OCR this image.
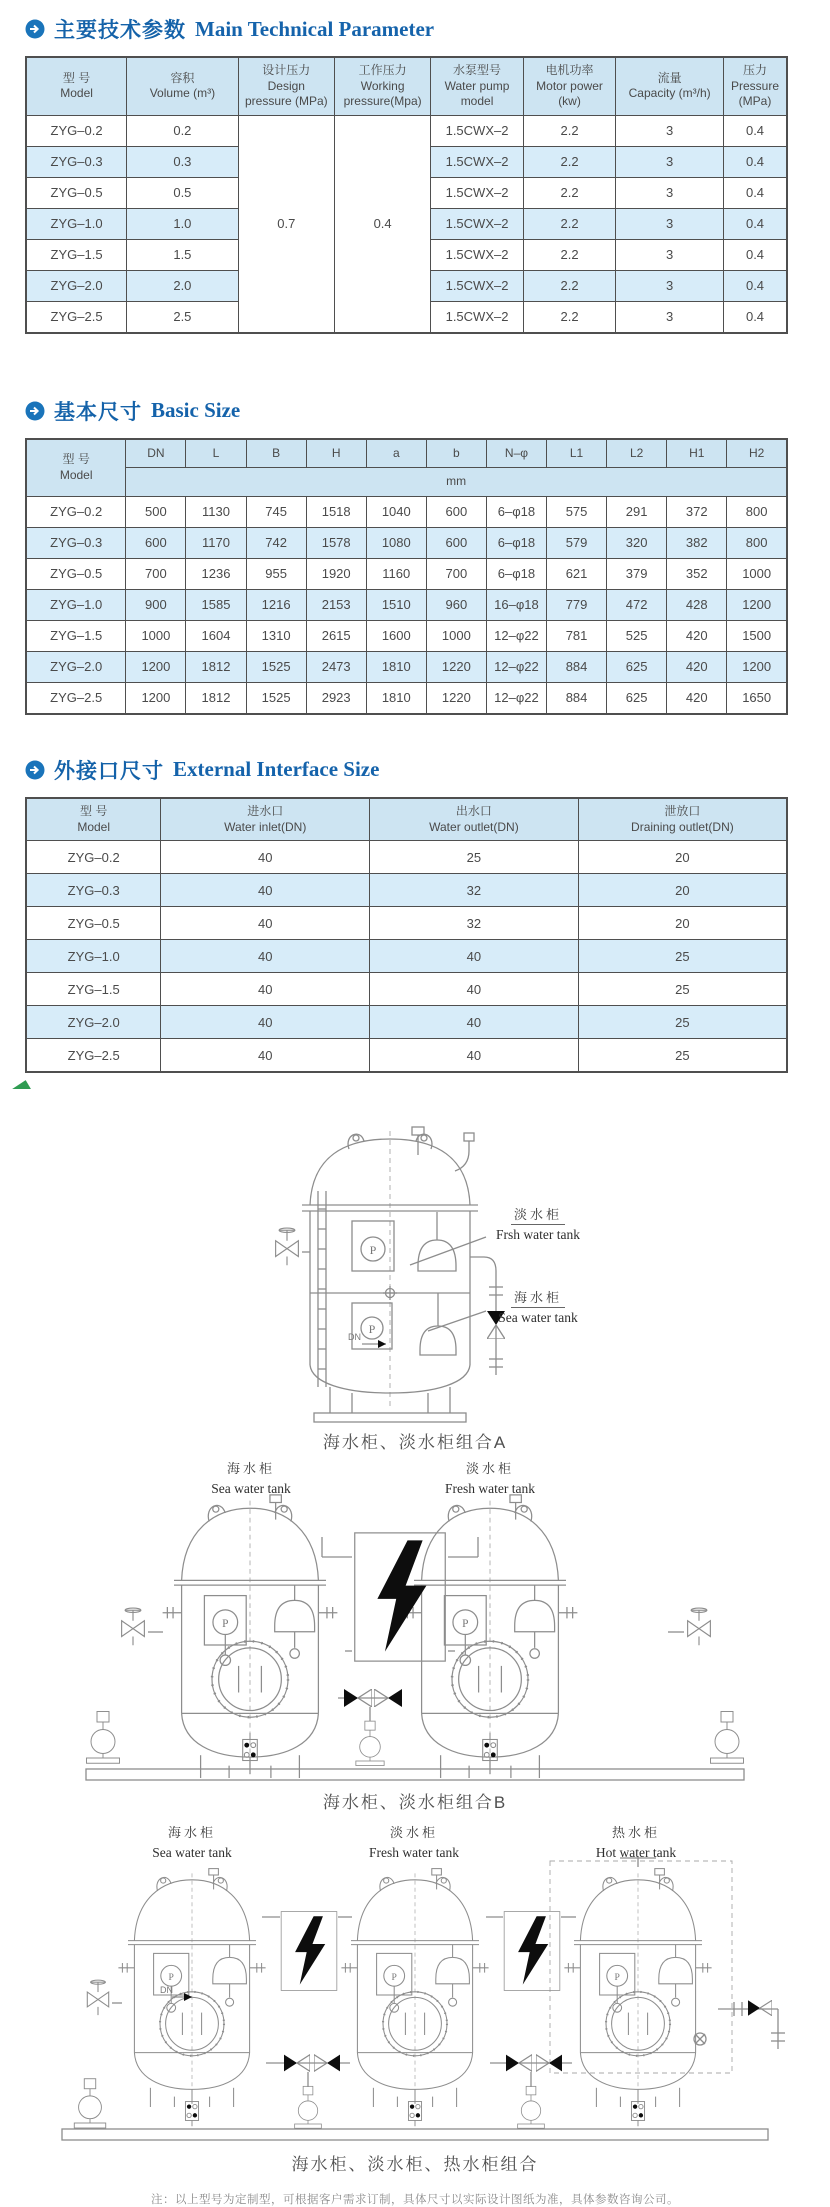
主要技术参数 Main Technical Parameter
型 号
Model	容积
Volume (m³)	设计压力
Design
pressure (MPa)	工作压力
Working
pressure(Mpa)	水泵型号
Water pump
model	电机功率
Motor power
(kw)	流量
Capacity (m³/h)	压力
Pressure (MPa)
ZYG–0.2	0.2	0.7	0.4	1.5CWX–2	2.2	3	0.4
ZYG–0.3	0.3			1.5CWX–2	2.2	3	0.4
ZYG–0.5	0.5			1.5CWX–2	2.2	3	0.4
ZYG–1.0	1.0			1.5CWX–2	2.2	3	0.4
ZYG–1.5	1.5			1.5CWX–2	2.2	3	0.4
ZYG–2.0	2.0			1.5CWX–2	2.2	3	0.4
ZYG–2.5	2.5			1.5CWX–2	2.2	3	0.4
基本尺寸 Basic Size
型 号
Model	DN	L	B	H	a	b	N–φ	L1	L2	H1	H2
	mm										
ZYG–0.2	500	1130	745	1518	1040	600	6–φ18	575	291	372	800
ZYG–0.3	600	1170	742	1578	1080	600	6–φ18	579	320	382	800
ZYG–0.5	700	1236	955	1920	1160	700	6–φ18	621	379	352	1000
ZYG–1.0	900	1585	1216	2153	1510	960	16–φ18	779	472	428	1200
ZYG–1.5	1000	1604	1310	2615	1600	1000	12–φ22	781	525	420	1500
ZYG–2.0	1200	1812	1525	2473	1810	1220	12–φ22	884	625	420	1200
ZYG–2.5	1200	1812	1525	2923	1810	1220	12–φ22	884	625	420	1650
外接口尺寸 External Interface Size
型 号
Model	进水口
Water inlet(DN)	出水口
Water outlet(DN)	泄放口
Draining outlet(DN)
ZYG–0.2	40	25	20
ZYG–0.3	40	32	20
ZYG–0.5	40	32	20
ZYG–1.0	40	40	25
ZYG–1.5	40	40	25
ZYG–2.0	40	40	25
ZYG–2.5	40	40	25
P
P
DN
淡水柜
Frsh water tank
海水柜
Sea water tank
海水柜、淡水柜组合A
海水柜
Sea water tank
淡水柜
Fresh water tank
海水柜、淡水柜组合B
海水柜
Sea water tank
淡水柜
Fresh water tank
热水柜
Hot water tank
DN
海水柜、淡水柜、热水柜组合
注：以上型号为定制型，可根据客户需求订制，具体尺寸以实际设计图纸为准，具体参数咨询公司。
